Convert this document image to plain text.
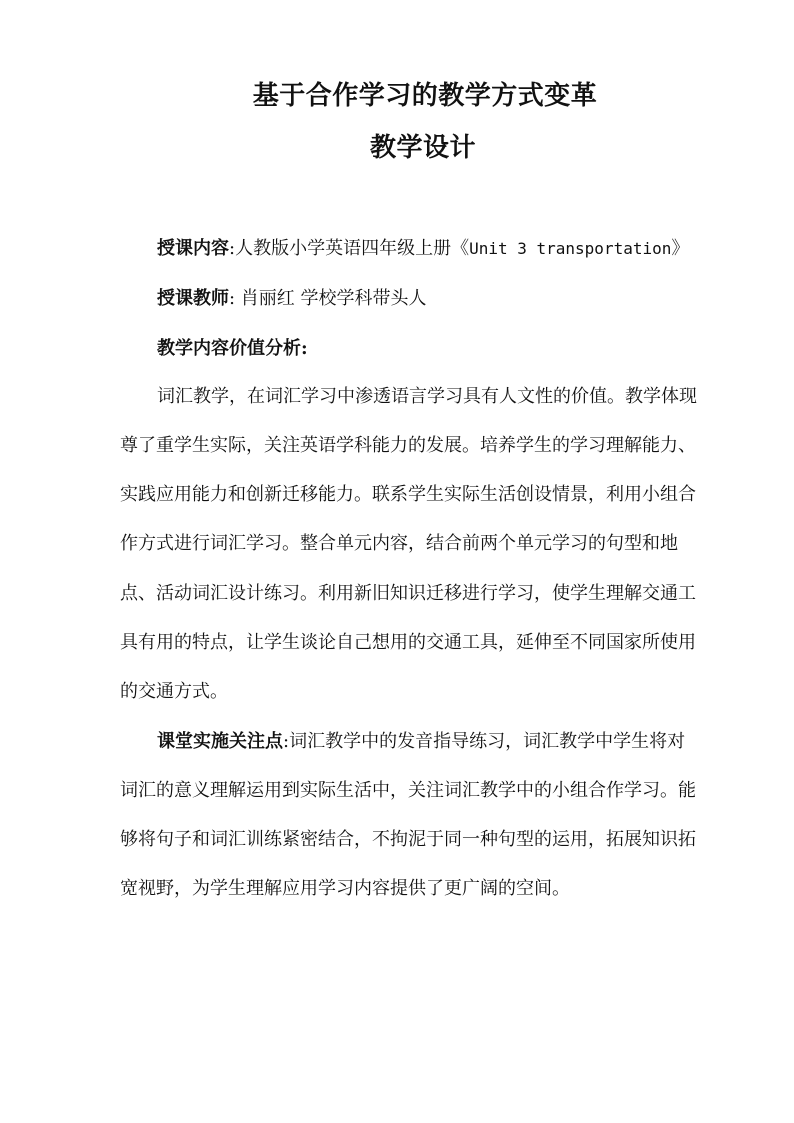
基于合作学习的教学方式变革
教学设计
授课内容:人教版小学英语四年级上册《Unit 3 transportation》
授课教师: 肖丽红 学校学科带头人
教学内容价值分析:
词汇教学，在词汇学习中渗透语言学习具有人文性的价值。教学体现
尊了重学生实际，关注英语学科能力的发展。培养学生的学习理解能力、
实践应用能力和创新迁移能力。联系学生实际生活创设情景，利用小组合
作方式进行词汇学习。整合单元内容，结合前两个单元学习的句型和地
点、活动词汇设计练习。利用新旧知识迁移进行学习，使学生理解交通工
具有用的特点，让学生谈论自己想用的交通工具，延伸至不同国家所使用
的交通方式。
课堂实施关注点:词汇教学中的发音指导练习，词汇教学中学生将对
词汇的意义理解运用到实际生活中，关注词汇教学中的小组合作学习。能
够将句子和词汇训练紧密结合，不拘泥于同一种句型的运用，拓展知识拓
宽视野，为学生理解应用学习内容提供了更广阔的空间。
